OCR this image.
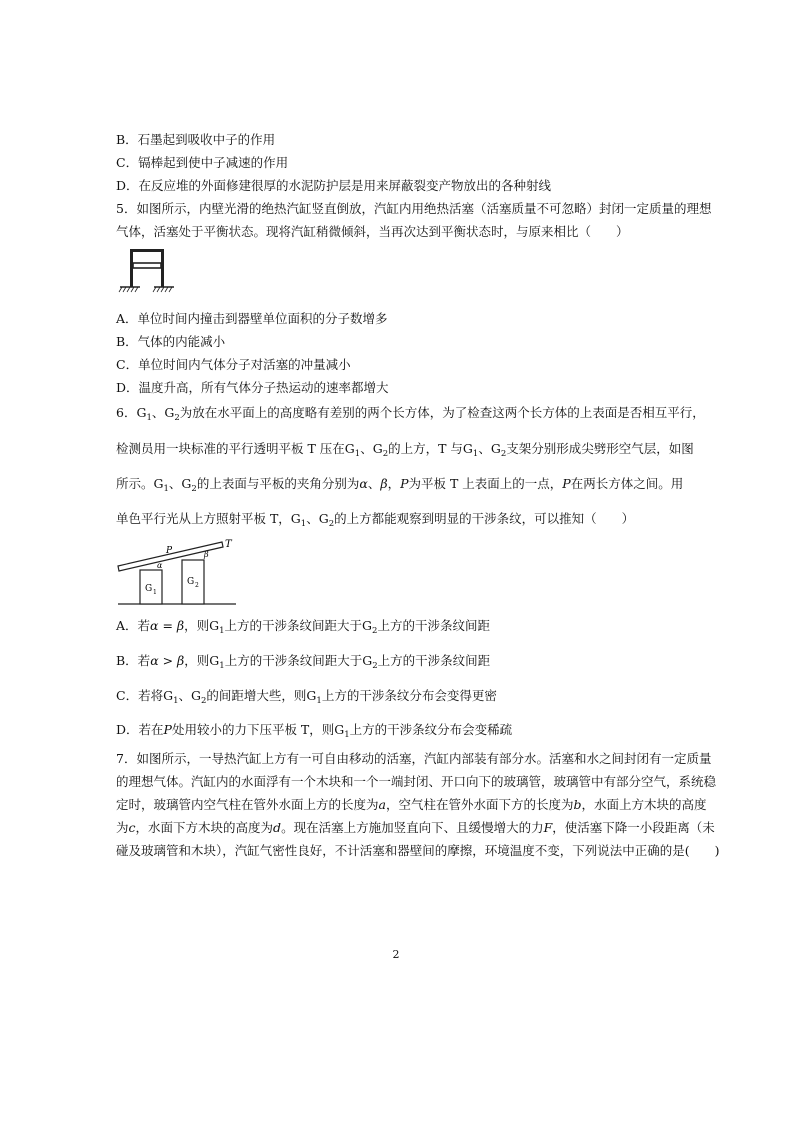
B．石墨起到吸收中子的作用
C．镉棒起到使中子减速的作用
D．在反应堆的外面修建很厚的水泥防护层是用来屏蔽裂变产物放出的各种射线
5．如图所示，内壁光滑的绝热汽缸竖直倒放，汽缸内用绝热活塞（活塞质量不可忽略）封闭一定质量的理想
气体，活塞处于平衡状态。现将汽缸稍微倾斜，当再次达到平衡状态时，与原来相比（　　）
A．单位时间内撞击到器壁单位面积的分子数增多
B．气体的内能减小
C．单位时间内气体分子对活塞的冲量减小
D．温度升高，所有气体分子热运动的速率都增大
6．$G_1$、$G_2$为放在水平面上的高度略有差别的两个长方体，为了检查这两个长方体的上表面是否相互平行，
检测员用一块标准的平行透明平板 T 压在$G_1$、$G_2$的上方，T 与$G_1$、$G_2$支架分别形成尖劈形空气层，如图
所示。$G_1$、$G_2$的上表面与平板的夹角分别为α、β，P为平板 T 上表面上的一点，P在两长方体之间。用
单色平行光从上方照射平板 T，$G_1$、$G_2$的上方都能观察到明显的干涉条纹，可以推知（　　）
T
P
α
β
G 1
G 2
A．若α = β，则$G_1$上方的干涉条纹间距大于$G_2$上方的干涉条纹间距
B．若α > β，则$G_1$上方的干涉条纹间距大于$G_2$上方的干涉条纹间距
C．若将$G_1$、$G_2$的间距增大些，则$G_1$上方的干涉条纹分布会变得更密
D．若在P处用较小的力下压平板 T，则$G_1$上方的干涉条纹分布会变稀疏
7．如图所示，一导热汽缸上方有一可自由移动的活塞，汽缸内部装有部分水。活塞和水之间封闭有一定质量
的理想气体。汽缸内的水面浮有一个木块和一个一端封闭、开口向下的玻璃管，玻璃管中有部分空气，系统稳
定时，玻璃管内空气柱在管外水面上方的长度为a，空气柱在管外水面下方的长度为b，水面上方木块的高度
为c，水面下方木块的高度为d。现在活塞上方施加竖直向下、且缓慢增大的力F，使活塞下降一小段距离（未
碰及玻璃管和木块），汽缸气密性良好，不计活塞和器壁间的摩擦，环境温度不变，下列说法中正确的是(　　)
2
